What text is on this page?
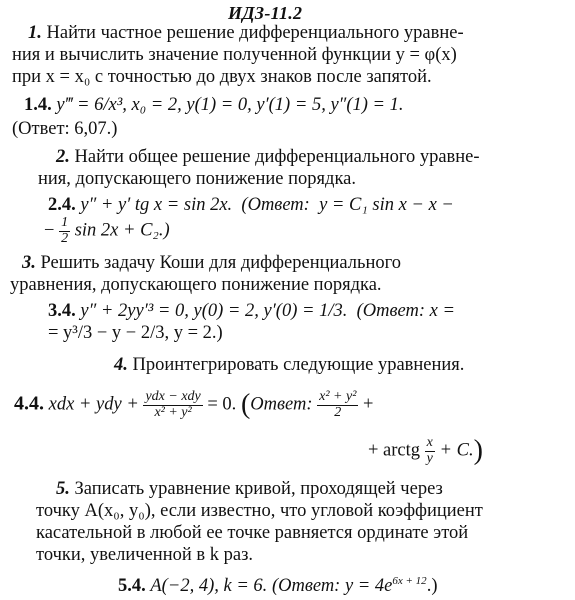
ИДЗ-11.2
1. Найти частное решение дифференциального уравне-
ния и вычислить значение полученной функции y = φ(x)
при x = x₀ с точностью до двух знаков после запятой.
1.4. y‴ = 6/x³, x₀ = 2, y(1) = 0, y′(1) = 5, y″(1) = 1.
(Ответ: 6,07.)
2. Найти общее решение дифференциального уравне-
ния, допускающего понижение порядка.
2.4. y″ + y′ tg x = sin 2x. (Ответ: y = C₁ sin x − x −
− $\frac{1}{2}$ sin 2x + C₂.)
3. Решить задачу Коши для дифференциального
уравнения, допускающего понижение порядка.
3.4. y″ + 2yy′³ = 0, y(0) = 2, y′(0) = 1/3. (Ответ: x =
= y³/3 − y − 2/3, y = 2.)
4. Проинтегрировать следующие уравнения.
4.4. xdx + ydy + $\frac{\text{ydx − xdy}}{\text{x² + y²}} = 0$. (Ответ: $\frac{\text{x² + y²}}{2}$ +
+ arctg $\frac{x}{y} + C$.)
5. Записать уравнение кривой, проходящей через
точку A(x₀, y₀), если известно, что угловой коэффициент
касательной в любой ее точке равняется ординате этой
точки, увеличенной в k раз.
5.4. A(−2, 4), k = 6. (Ответ: $y = 4e^{6x + 12}$.)
